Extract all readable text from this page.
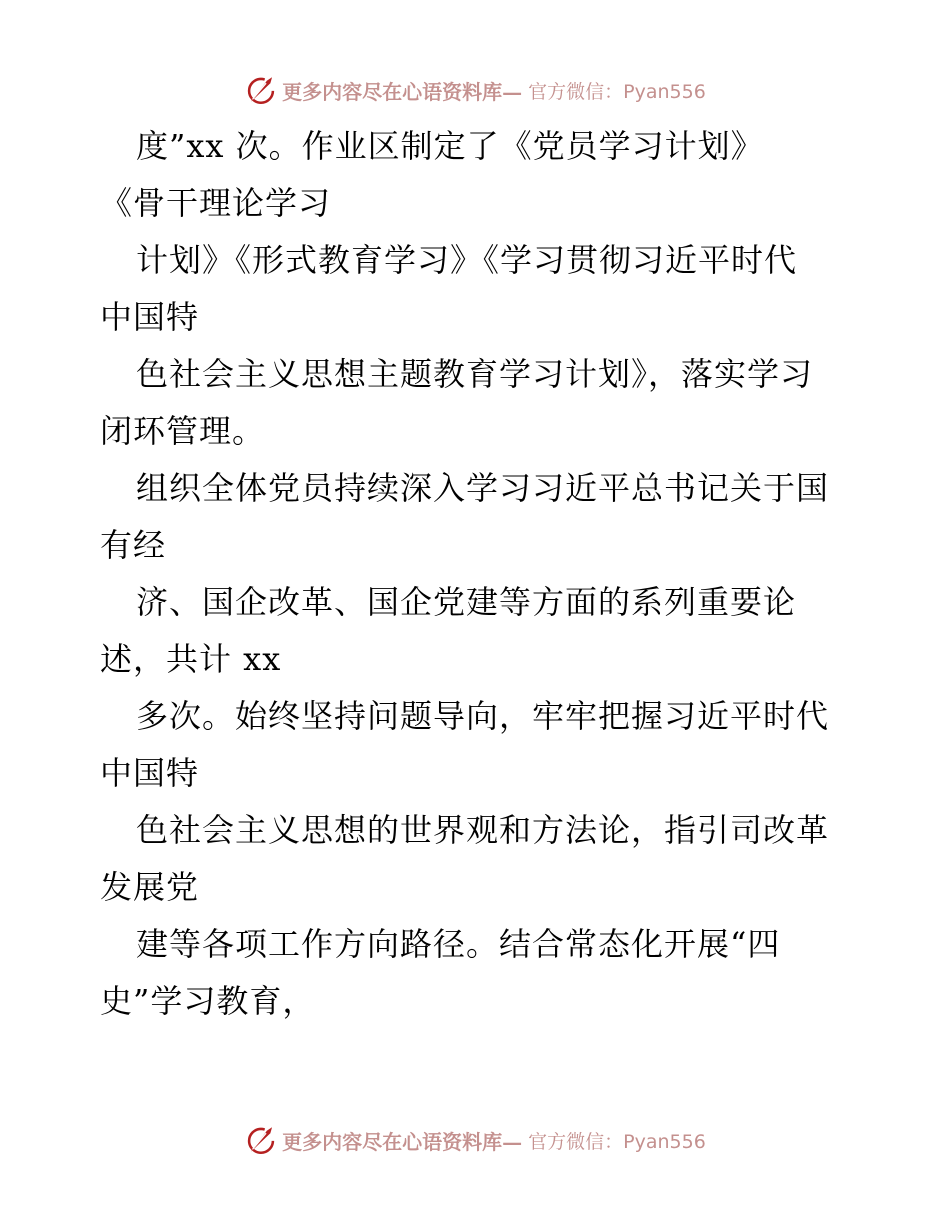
更多内容尽在心语资料库— 官方微信：Pyan556
度”xx 次。作业区制定了《党员学习计划》
《骨干理论学习
计划》《形式教育学习》《学习贯彻习近平时代
中国特
色社会主义思想主题教育学习计划》，落实学习
闭环管理。
组织全体党员持续深入学习习近平总书记关于国
有经
济、国企改革、国企党建等方面的系列重要论
述，共计 xx
多次。始终坚持问题导向，牢牢把握习近平时代
中国特
色社会主义思想的世界观和方法论，指引司改革
发展党
建等各项工作方向路径。结合常态化开展“四
史”学习教育，
更多内容尽在心语资料库— 官方微信：Pyan556
